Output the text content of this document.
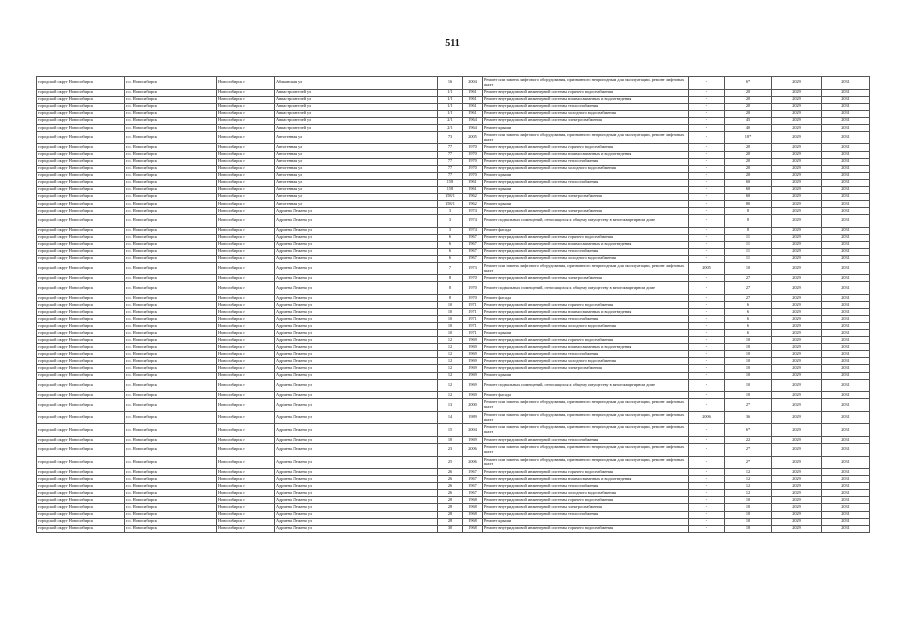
511
городской округ Новосибирск	г.о. Новосибирск	Новосибирск г	Абаканская ул	16	2004	Ремонт или замена лифтового оборудования, признанного непригодным для эксплуатации, ремонт лифтовых шахт	-	6*	2029	2031
городской округ Новосибирск	г.о. Новосибирск	Новосибирск г	Авиастроителей ул	1/1	1961	Ремонт внутридомовой инженерной системы горячего водоснабжения	-	20	2029	2031
городской округ Новосибирск	г.о. Новосибирск	Новосибирск г	Авиастроителей ул	1/1	1961	Ремонт внутридомовой инженерной системы взаимосвязанных и водоотведения	-	20	2029	2031
городской округ Новосибирск	г.о. Новосибирск	Новосибирск г	Авиастроителей ул	1/1	1961	Ремонт внутридомовой инженерной системы теплоснабжения	-	20	2029	2031
городской округ Новосибирск	г.о. Новосибирск	Новосибирск г	Авиастроителей ул	1/1	1961	Ремонт внутридомовой инженерной системы холодного водоснабжения	-	20	2029	2031
городской округ Новосибирск	г.о. Новосибирск	Новосибирск г	Авиастроителей ул	2/1	1964	Ремонт внутридомовой инженерной системы электроснабжения	-	45	2029	2031
городской округ Новосибирск	г.о. Новосибирск	Новосибирск г	Авиастроителей ул	2/1	1964	Ремонт крыши	-	40	2029	2031
городской округ Новосибирск	г.о. Новосибирск	Новосибирск г	Автогенная ул	73	2005	Ремонт или замена лифтового оборудования, признанного непригодным для эксплуатации, ремонт лифтовых шахт	-	18*	2029	2031
городской округ Новосибирск	г.о. Новосибирск	Новосибирск г	Автогенная ул	77	1970	Ремонт внутридомовой инженерной системы горячего водоснабжения	-	20	2029	2031
городской округ Новосибирск	г.о. Новосибирск	Новосибирск г	Автогенная ул	77	1970	Ремонт внутридомовой инженерной системы взаимосвязанных и водоотведения	-	20	2029	2031
городской округ Новосибирск	г.о. Новосибирск	Новосибирск г	Автогенная ул	77	1970	Ремонт внутридомовой инженерной системы теплоснабжения	-	20	2029	2031
городской округ Новосибирск	г.о. Новосибирск	Новосибирск г	Автогенная ул	77	1970	Ремонт внутридомовой инженерной системы холодного водоснабжения	-	20	2029	2031
городской округ Новосибирск	г.о. Новосибирск	Новосибирск г	Автогенная ул	77	1970	Ремонт крыши	-	20	2029	2031
городской округ Новосибирск	г.о. Новосибирск	Новосибирск г	Автогенная ул	158	1961	Ремонт внутридомовой инженерной системы теплоснабжения	-	60	2029	2031
городской округ Новосибирск	г.о. Новосибирск	Новосибирск г	Автогенная ул	158	1961	Ремонт крыши	-	60	2029	2031
городской округ Новосибирск	г.о. Новосибирск	Новосибирск г	Автогенная ул	158/1	1962	Ремонт внутридомовой инженерной системы электроснабжения	-	60	2029	2031
городской округ Новосибирск	г.о. Новосибирск	Новосибирск г	Автогенная ул	158/1	1962	Ремонт крыши	-	80	2029	2031
городской округ Новосибирск	г.о. Новосибирск	Новосибирск г	Адриена Лежена ул	3	1974	Ремонт внутридомовой инженерной системы электроснабжения	-	8	2029	2031
городской округ Новосибирск	г.о. Новосибирск	Новосибирск г	Адриена Лежена ул	3	1974	Ремонт подвальных помещений, относящихся к общему имуществу в многоквартирном доме	-	8	2029	2031
городской округ Новосибирск	г.о. Новосибирск	Новосибирск г	Адриена Лежена ул	3	1974	Ремонт фасада	-	8	2029	2031
городской округ Новосибирск	г.о. Новосибирск	Новосибирск г	Адриена Лежена ул	6	1967	Ремонт внутридомовой инженерной системы горячего водоснабжения	-	11	2029	2031
городской округ Новосибирск	г.о. Новосибирск	Новосибирск г	Адриена Лежена ул	6	1967	Ремонт внутридомовой инженерной системы взаимосвязанных и водоотведения	-	11	2029	2031
городской округ Новосибирск	г.о. Новосибирск	Новосибирск г	Адриена Лежена ул	6	1967	Ремонт внутридомовой инженерной системы теплоснабжения	-	11	2029	2031
городской округ Новосибирск	г.о. Новосибирск	Новосибирск г	Адриена Лежена ул	6	1967	Ремонт внутридомовой инженерной системы холодного водоснабжения	-	11	2029	2031
городской округ Новосибирск	г.о. Новосибирск	Новосибирск г	Адриена Лежена ул	7	1973	Ремонт или замена лифтового оборудования, признанного непригодным для эксплуатации, ремонт лифтовых шахт	2005	10	2029	2031
городской округ Новосибирск	г.о. Новосибирск	Новосибирск г	Адриена Лежена ул	8	1970	Ремонт внутридомовой инженерной системы электроснабжения	-	27	2029	2031
городской округ Новосибирск	г.о. Новосибирск	Новосибирск г	Адриена Лежена ул	8	1970	Ремонт подвальных помещений, относящихся к общему имуществу в многоквартирном доме	-	27	2029	2031
городской округ Новосибирск	г.о. Новосибирск	Новосибирск г	Адриена Лежена ул	8	1970	Ремонт фасада	-	27	2029	2031
городской округ Новосибирск	г.о. Новосибирск	Новосибирск г	Адриена Лежена ул	10	1971	Ремонт внутридомовой инженерной системы горячего водоснабжения	-	6	2029	2031
городской округ Новосибирск	г.о. Новосибирск	Новосибирск г	Адриена Лежена ул	10	1971	Ремонт внутридомовой инженерной системы взаимосвязанных и водоотведения	-	6	2029	2031
городской округ Новосибирск	г.о. Новосибирск	Новосибирск г	Адриена Лежена ул	10	1971	Ремонт внутридомовой инженерной системы теплоснабжения	-	6	2029	2031
городской округ Новосибирск	г.о. Новосибирск	Новосибирск г	Адриена Лежена ул	10	1971	Ремонт внутридомовой инженерной системы холодного водоснабжения	-	6	2029	2031
городской округ Новосибирск	г.о. Новосибирск	Новосибирск г	Адриена Лежена ул	10	1971	Ремонт крыши	-	6	2029	2031
городской округ Новосибирск	г.о. Новосибирск	Новосибирск г	Адриена Лежена ул	12	1969	Ремонт внутридомовой инженерной системы горячего водоснабжения	-	10	2029	2031
городской округ Новосибирск	г.о. Новосибирск	Новосибирск г	Адриена Лежена ул	12	1969	Ремонт внутридомовой инженерной системы взаимосвязанных и водоотведения	-	10	2029	2031
городской округ Новосибирск	г.о. Новосибирск	Новосибирск г	Адриена Лежена ул	12	1969	Ремонт внутридомовой инженерной системы теплоснабжения	-	10	2029	2031
городской округ Новосибирск	г.о. Новосибирск	Новосибирск г	Адриена Лежена ул	12	1969	Ремонт внутридомовой инженерной системы холодного водоснабжения	-	10	2029	2031
городской округ Новосибирск	г.о. Новосибирск	Новосибирск г	Адриена Лежена ул	12	1969	Ремонт внутридомовой инженерной системы электроснабжения	-	10	2029	2031
городской округ Новосибирск	г.о. Новосибирск	Новосибирск г	Адриена Лежена ул	12	1969	Ремонт крыши	-	10	2029	2031
городской округ Новосибирск	г.о. Новосибирск	Новосибирск г	Адриена Лежена ул	12	1969	Ремонт подвальных помещений, относящихся к общему имуществу в многоквартирном доме	-	10	2029	2031
городской округ Новосибирск	г.о. Новосибирск	Новосибирск г	Адриена Лежена ул	12	1969	Ремонт фасада	-	10	2029	2031
городской округ Новосибирск	г.о. Новосибирск	Новосибирск г	Адриена Лежена ул	13	2000	Ремонт или замена лифтового оборудования, признанного непригодным для эксплуатации, ремонт лифтовых шахт	-	2*	2029	2031
городской округ Новосибирск	г.о. Новосибирск	Новосибирск г	Адриена Лежена ул	14	1989	Ремонт или замена лифтового оборудования, признанного непригодным для эксплуатации, ремонт лифтовых шахт	2006	36	2029	2031
городской округ Новосибирск	г.о. Новосибирск	Новосибирск г	Адриена Лежена ул	15	2004	Ремонт или замена лифтового оборудования, признанного непригодным для эксплуатации, ремонт лифтовых шахт	-	6*	2029	2031
городской округ Новосибирск	г.о. Новосибирск	Новосибирск г	Адриена Лежена ул	18	1969	Ремонт внутридомовой инженерной системы теплоснабжения	-	22	2029	2031
городской округ Новосибирск	г.о. Новосибирск	Новосибирск г	Адриена Лежена ул	23	2006	Ремонт или замена лифтового оборудования, признанного непригодным для эксплуатации, ремонт лифтовых шахт	-	2*	2029	2031
городской округ Новосибирск	г.о. Новосибирск	Новосибирск г	Адриена Лежена ул	25	2006	Ремонт или замена лифтового оборудования, признанного непригодным для эксплуатации, ремонт лифтовых шахт	-	2*	2029	2031
городской округ Новосибирск	г.о. Новосибирск	Новосибирск г	Адриена Лежена ул	26	1967	Ремонт внутридомовой инженерной системы горячего водоснабжения	-	12	2029	2031
городской округ Новосибирск	г.о. Новосибирск	Новосибирск г	Адриена Лежена ул	26	1967	Ремонт внутридомовой инженерной системы взаимосвязанных и водоотведения	-	12	2029	2031
городской округ Новосибирск	г.о. Новосибирск	Новосибирск г	Адриена Лежена ул	26	1967	Ремонт внутридомовой инженерной системы теплоснабжения	-	12	2029	2031
городской округ Новосибирск	г.о. Новосибирск	Новосибирск г	Адриена Лежена ул	26	1967	Ремонт внутридомовой инженерной системы холодного водоснабжения	-	12	2029	2031
городской округ Новосибирск	г.о. Новосибирск	Новосибирск г	Адриена Лежена ул	28	1968	Ремонт внутридомовой инженерной системы горячего водоснабжения	-	10	2029	2031
городской округ Новосибирск	г.о. Новосибирск	Новосибирск г	Адриена Лежена ул	28	1968	Ремонт внутридомовой инженерной системы электроснабжения	-	10	2029	2031
городской округ Новосибирск	г.о. Новосибирск	Новосибирск г	Адриена Лежена ул	28	1968	Ремонт внутридомовой инженерной системы теплоснабжения	-	10	2029	2031
городской округ Новосибирск	г.о. Новосибирск	Новосибирск г	Адриена Лежена ул	28	1968	Ремонт крыши	-	10	2029	2031
городской округ Новосибирск	г.о. Новосибирск	Новосибирск г	Адриена Лежена ул	30	1968	Ремонт внутридомовой инженерной системы горячего водоснабжения	-	18	2029	2031
